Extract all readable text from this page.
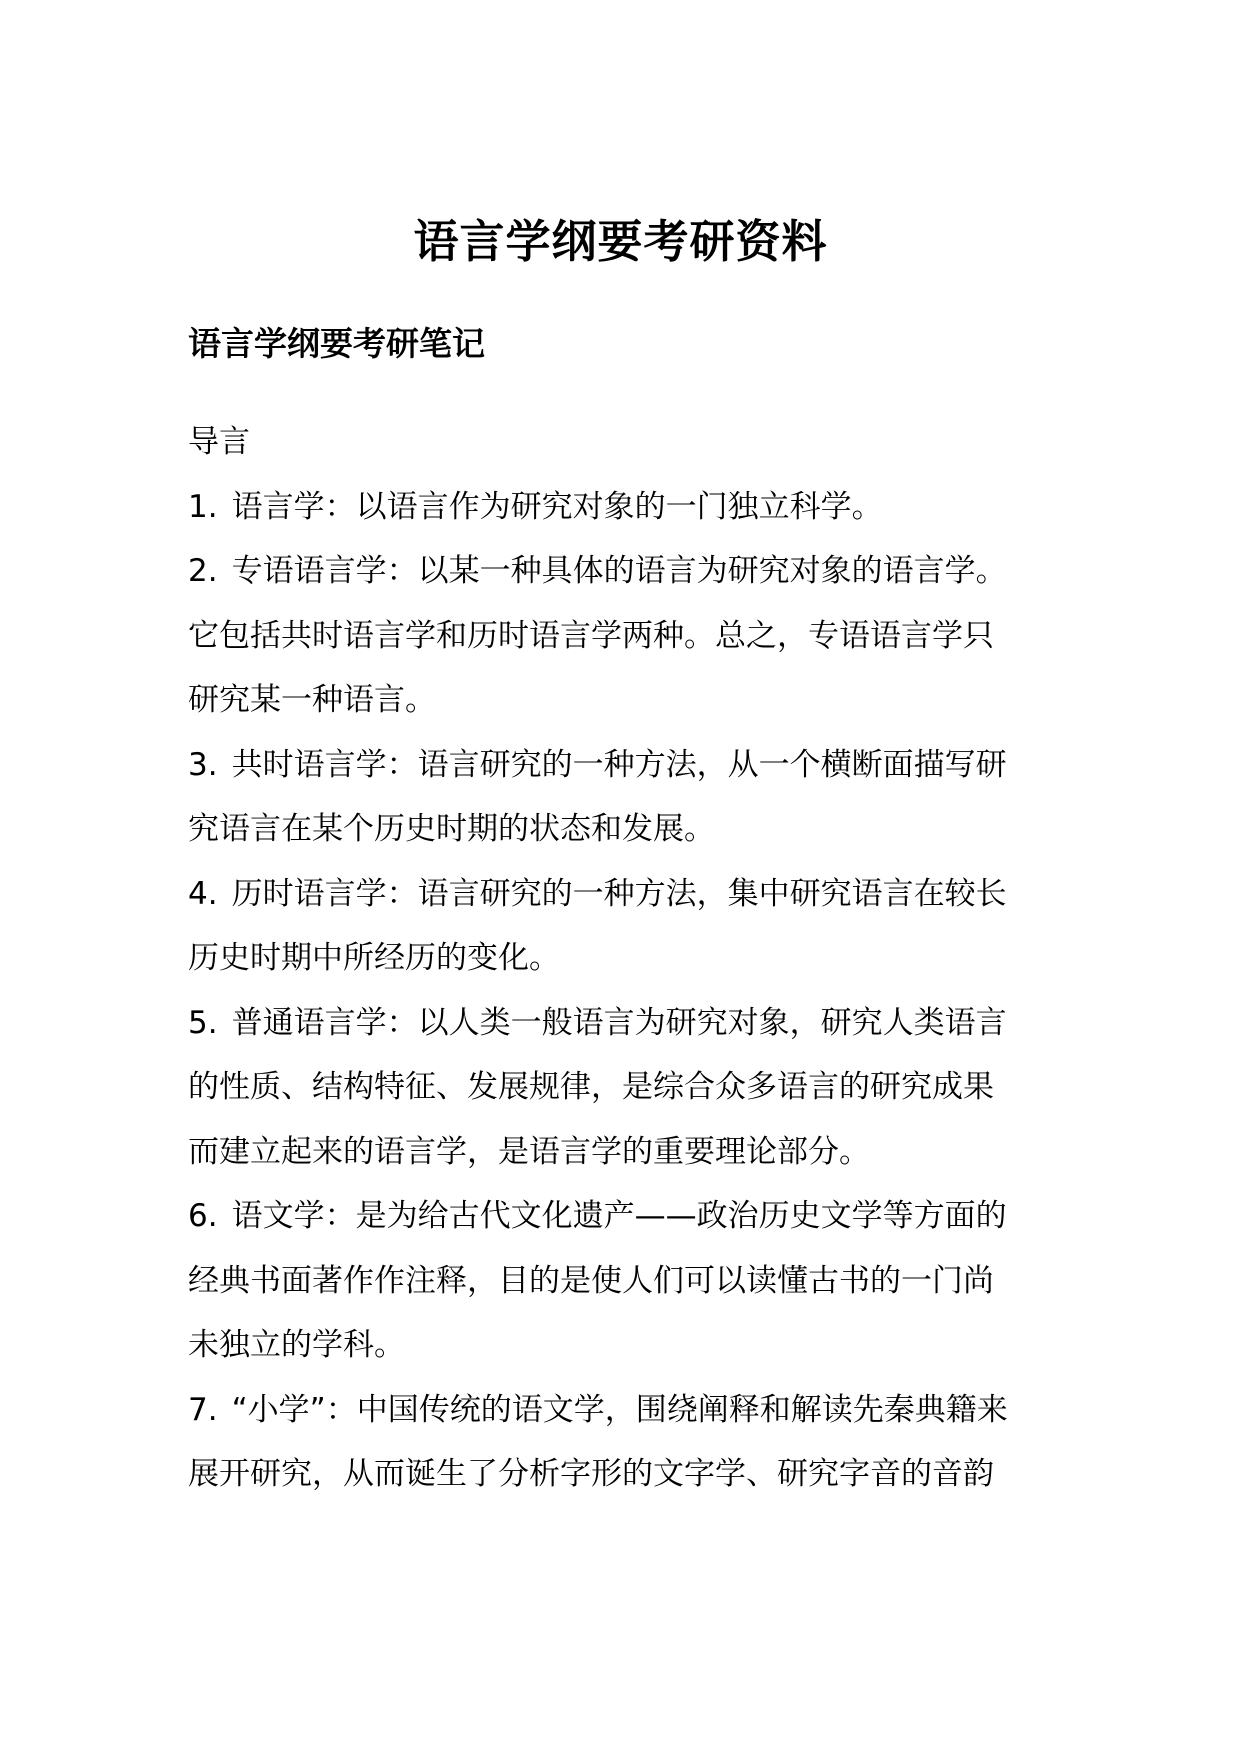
语言学纲要考研资料
语言学纲要考研笔记
导言
1. 语言学：以语言作为研究对象的一门独立科学。
2. 专语语言学：以某一种具体的语言为研究对象的语言学。
它包括共时语言学和历时语言学两种。总之，专语语言学只
研究某一种语言。
3. 共时语言学：语言研究的一种方法，从一个横断面描写研
究语言在某个历史时期的状态和发展。
4. 历时语言学：语言研究的一种方法，集中研究语言在较长
历史时期中所经历的变化。
5. 普通语言学：以人类一般语言为研究对象，研究人类语言
的性质、结构特征、发展规律，是综合众多语言的研究成果
而建立起来的语言学，是语言学的重要理论部分。
6. 语文学：是为给古代文化遗产——政治历史文学等方面的
经典书面著作作注释，目的是使人们可以读懂古书的一门尚
未独立的学科。
7. “小学”：中国传统的语文学，围绕阐释和解读先秦典籍来
展开研究，从而诞生了分析字形的文字学、研究字音的音韵
